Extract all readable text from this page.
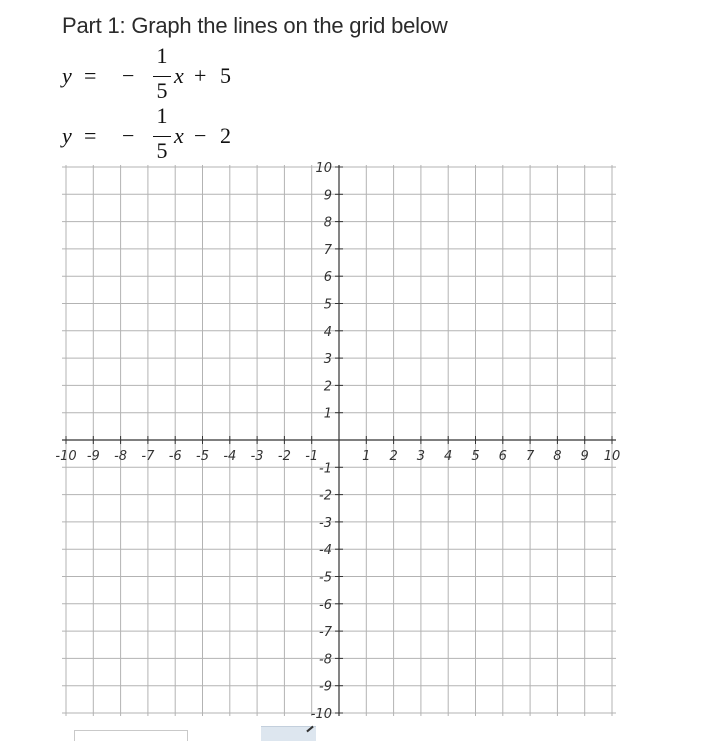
Part 1: Graph the lines on the grid below
y = −
1
5
x + 5
y = −
1
5
x − 2
-10 -9 -8 -7 -6 -5 -4 -3 -2 -1	1 2 3 4 5 6 7 8 9 10
-10
-9
-8
-7
-6
-5
-4
-3
-2
-1
1
2
3
4
5
6
7
8
9
10
